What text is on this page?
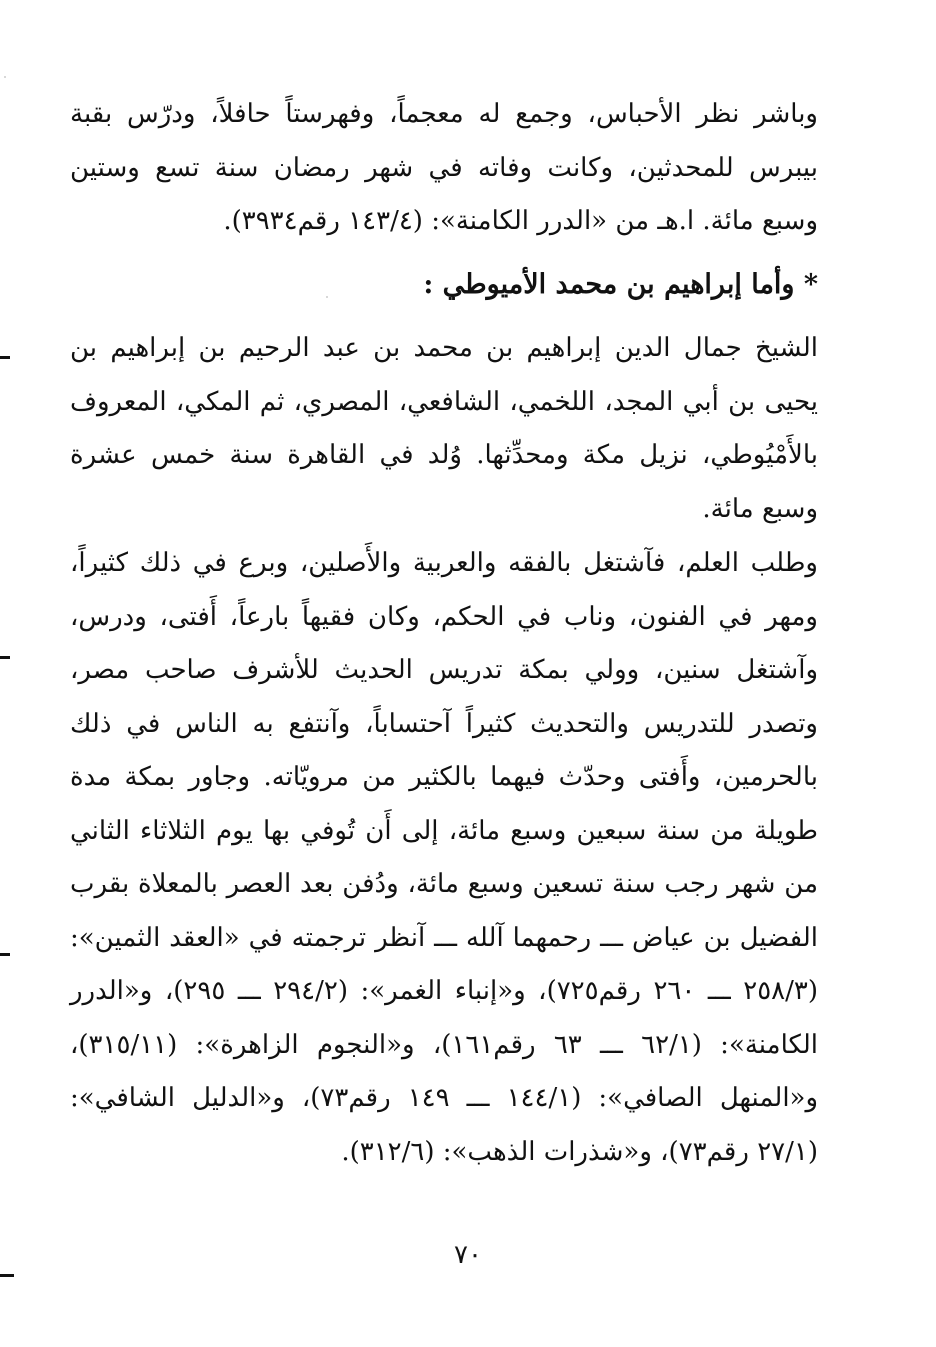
وباشر نظر الأحباس، وجمع له معجماً، وفهرستاً حافلاً، ودرّس بقبة بيبرس للمحدثين، وكانت وفاته في شهر رمضان سنة تسع وستين وسبع مائة. ا.هـ من «الدرر الكامنة»: (١٤٣/٤ رقم٣٩٣٤).

* وأما إبراهيم بن محمد الأميوطي :

الشيخ جمال الدين إبراهيم بن محمد بن عبد الرحيم بن إبراهيم بن يحيى بن أبي المجد، اللخمي، الشافعي، المصري، ثم المكي، المعروف بالأَمْيُوطي، نزيل مكة ومحدِّثها. وُلد في القاهرة سنة خمس عشرة وسبع مائة.

وطلب العلم، فآشتغل بالفقه والعربية والأَصلين، وبرع في ذلك كثيراً، ومهر في الفنون، وناب في الحكم، وكان فقيهاً بارعاً، أَفتى، ودرس، وآشتغل سنين، وولي بمكة تدريس الحديث للأشرف صاحب مصر، وتصدر للتدريس والتحديث كثيراً آحتساباً، وآنتفع به الناس في ذلك بالحرمين، وأَفتى وحدّث فيهما بالكثير من مرويّاته. وجاور بمكة مدة طويلة من سنة سبعين وسبع مائة، إلى أَن تُوفي بها يوم الثلاثاء الثاني من شهر رجب سنة تسعين وسبع مائة، ودُفن بعد العصر بالمعلاة بقرب الفضيل بن عياض ـــ رحمهما آلله ـــ آنظر ترجمته في «العقد الثمين»: (٢٥٨/٣ ـــ ٢٦٠ رقم٧٢٥)، و«إنباء الغمر»: (٢٩٤/٢ ـــ ٢٩٥)، و«الدرر الكامنة»: (٦٢/١ ـــ ٦٣ رقم١٦١)، و«النجوم الزاهرة»: (٣١٥/١١)، و«المنهل الصافي»: (١٤٤/١ ـــ ١٤٩ رقم٧٣)، و«الدليل الشافي»: (٢٧/١ رقم٧٣)، و«شذرات الذهب»: (٣١٢/٦).

٧٠
